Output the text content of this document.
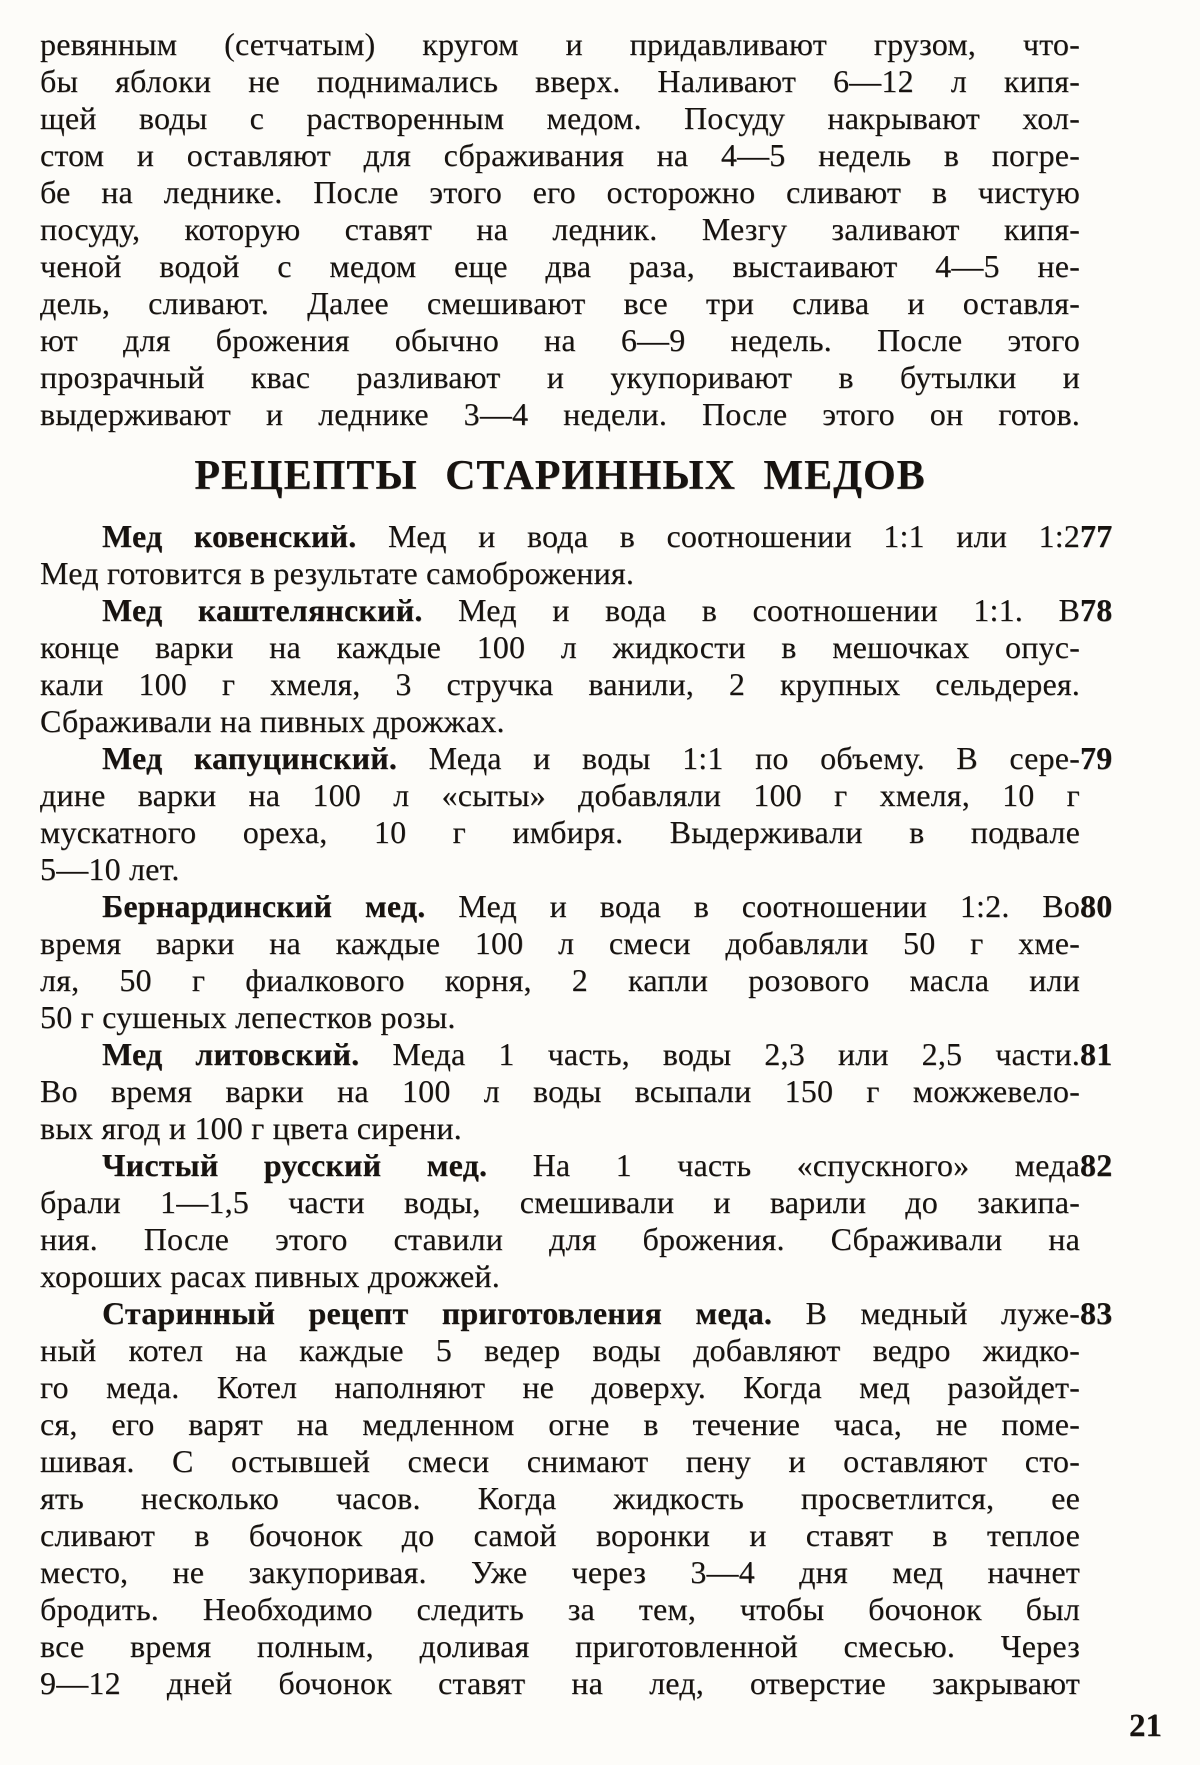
ревянным (сетчатым) кругом и придавливают грузом, что-
бы яблоки не поднимались вверх. Наливают 6—12 л кипя-
щей воды с растворенным медом. Посуду накрывают хол-
стом и оставляют для сбраживания на 4—5 недель в погре-
бе на леднике. После этого его осторожно сливают в чистую
посуду, которую ставят на ледник. Мезгу заливают кипя-
ченой водой с медом еще два раза, выстаивают 4—5 не-
дель, сливают. Далее смешивают все три слива и оставля-
ют для брожения обычно на 6—9 недель. После этого
прозрачный квас разливают и укупоривают в бутылки и
выдерживают и леднике 3—4 недели. После этого он готов.
РЕЦЕПТЫ СТАРИННЫХ МЕДОВ
Мед ковенский. Мед и вода в соотношении 1:1 или 1:2 77
Мед готовится в результате самоброжения.
Мед каштелянский. Мед и вода в соотношении 1:1. В 78
конце варки на каждые 100 л жидкости в мешочках опус-
кали 100 г хмеля, 3 стручка ванили, 2 крупных сельдерея.
Сбраживали на пивных дрожжах.
Мед капуцинский. Меда и воды 1:1 по объему. В сере- 79
дине варки на 100 л «сыты» добавляли 100 г хмеля, 10 г
мускатного ореха, 10 г имбиря. Выдерживали в подвале
5—10 лет.
Бернардинский мед. Мед и вода в соотношении 1:2. Во 80
время варки на каждые 100 л смеси добавляли 50 г хме-
ля, 50 г фиалкового корня, 2 капли розового масла или
50 г сушеных лепестков розы.
Мед литовский. Меда 1 часть, воды 2,3 или 2,5 части. 81
Во время варки на 100 л воды всыпали 150 г можжевело-
вых ягод и 100 г цвета сирени.
Чистый русский мед. На 1 часть «спускного» меда 82
брали 1—1,5 части воды, смешивали и варили до закипа-
ния. После этого ставили для брожения. Сбраживали на
хороших расах пивных дрожжей.
Старинный рецепт приготовления меда. В медный луже- 83
ный котел на каждые 5 ведер воды добавляют ведро жидко-
го меда. Котел наполняют не доверху. Когда мед разойдет-
ся, его варят на медленном огне в течение часа, не поме-
шивая. С остывшей смеси снимают пену и оставляют сто-
ять несколько часов. Когда жидкость просветлится, ее
сливают в бочонок до самой воронки и ставят в теплое
место, не закупоривая. Уже через 3—4 дня мед начнет
бродить. Необходимо следить за тем, чтобы бочонок был
все время полным, доливая приготовленной смесью. Через
9—12 дней бочонок ставят на лед, отверстие закрывают
21
